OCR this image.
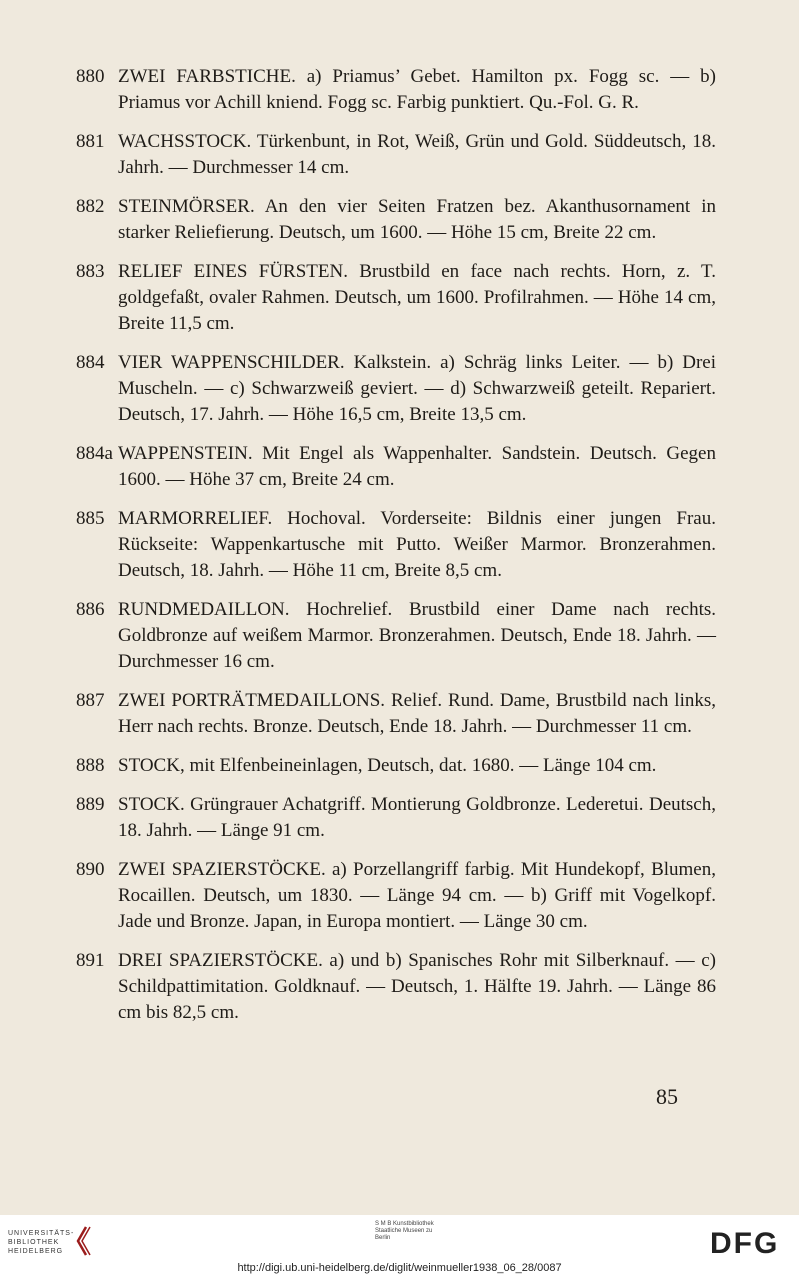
880 ZWEI FARBSTICHE. a) Priamus’ Gebet. Hamilton px. Fogg sc. — b) Priamus vor Achill kniend. Fogg sc. Farbig punktiert. Qu.-Fol. G. R.
881 WACHSSTOCK. Türkenbunt, in Rot, Weiß, Grün und Gold. Süddeutsch, 18. Jahrh. — Durchmesser 14 cm.
882 STEINMÖRSER. An den vier Seiten Fratzen bez. Akanthusornament in starker Reliefierung. Deutsch, um 1600. — Höhe 15 cm, Breite 22 cm.
883 RELIEF EINES FÜRSTEN. Brustbild en face nach rechts. Horn, z. T. goldgefaßt, ovaler Rahmen. Deutsch, um 1600. Profilrahmen. — Höhe 14 cm, Breite 11,5 cm.
884 VIER WAPPENSCHILDER. Kalkstein. a) Schräg links Leiter. — b) Drei Muscheln. — c) Schwarzweiß geviert. — d) Schwarzweiß geteilt. Repariert. Deutsch, 17. Jahrh. — Höhe 16,5 cm, Breite 13,5 cm.
884a WAPPENSTEIN. Mit Engel als Wappenhalter. Sandstein. Deutsch. Gegen 1600. — Höhe 37 cm, Breite 24 cm.
885 MARMORRELIEF. Hochoval. Vorderseite: Bildnis einer jungen Frau. Rückseite: Wappenkartusche mit Putto. Weißer Marmor. Bronzerahmen. Deutsch, 18. Jahrh. — Höhe 11 cm, Breite 8,5 cm.
886 RUNDMEDAILLON. Hochrelief. Brustbild einer Dame nach rechts. Goldbronze auf weißem Marmor. Bronzerahmen. Deutsch, Ende 18. Jahrh. — Durchmesser 16 cm.
887 ZWEI PORTRÄTMEDAILLONS. Relief. Rund. Dame, Brustbild nach links, Herr nach rechts. Bronze. Deutsch, Ende 18. Jahrh. — Durchmesser 11 cm.
888 STOCK, mit Elfenbeineinlagen, Deutsch, dat. 1680. — Länge 104 cm.
889 STOCK. Grüngrauer Achatgriff. Montierung Goldbronze. Lederetui. Deutsch, 18. Jahrh. — Länge 91 cm.
890 ZWEI SPAZIERSTÖCKE. a) Porzellangriff farbig. Mit Hundekopf, Blumen, Rocaillen. Deutsch, um 1830. — Länge 94 cm. — b) Griff mit Vogelkopf. Jade und Bronze. Japan, in Europa montiert. — Länge 30 cm.
891 DREI SPAZIERSTÖCKE. a) und b) Spanisches Rohr mit Silberknauf. — c) Schildpattimitation. Goldknauf. — Deutsch, 1. Hälfte 19. Jahrh. — Länge 86 cm bis 82,5 cm.
85
UNIVERSITÄTS- BIBLIOTHEK HEIDELBERG
S M B Kunstbibliothek Staatliche Museen zu Berlin	DFG
http://digi.ub.uni-heidelberg.de/diglit/weinmueller1938_06_28/0087
